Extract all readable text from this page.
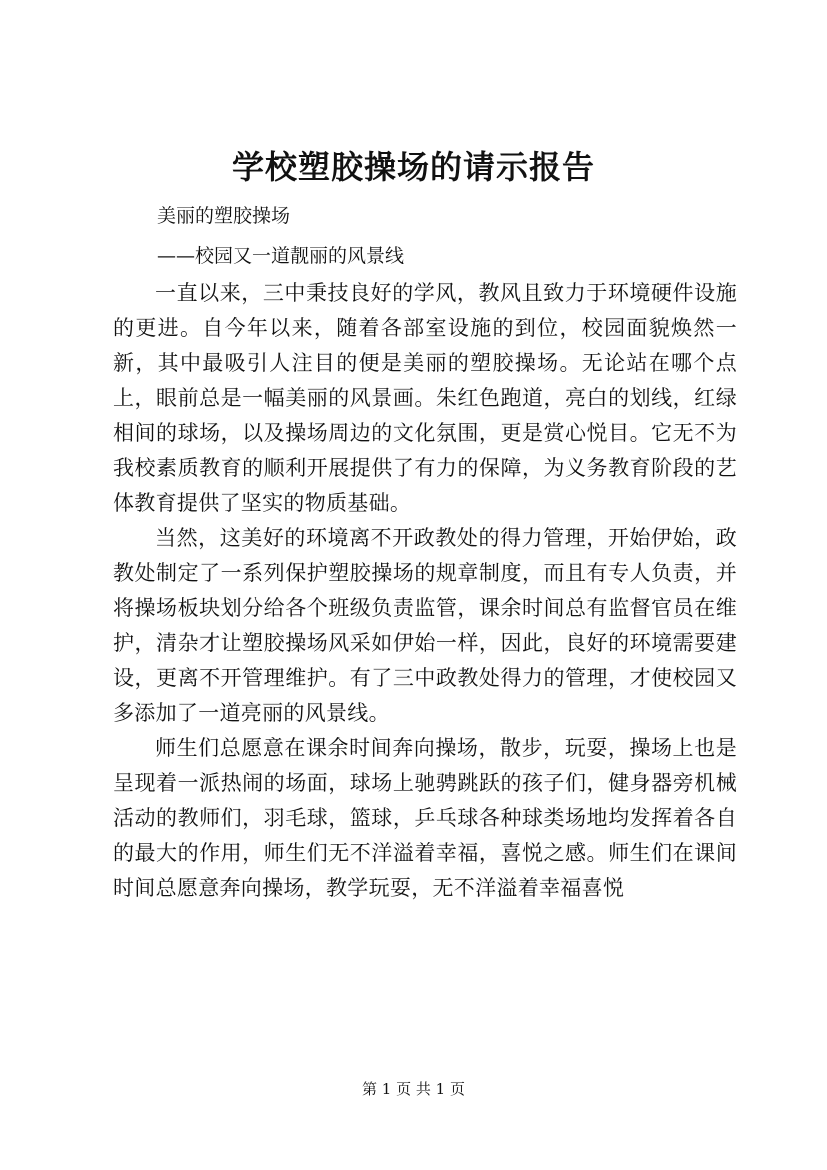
学校塑胶操场的请示报告

美丽的塑胶操场

——校园又一道靓丽的风景线

一直以来，三中秉技良好的学风，教风且致力于环境硬件设施的更进。自今年以来，随着各部室设施的到位，校园面貌焕然一新，其中最吸引人注目的便是美丽的塑胶操场。无论站在哪个点上，眼前总是一幅美丽的风景画。朱红色跑道，亮白的划线，红绿相间的球场，以及操场周边的文化氛围，更是赏心悦目。它无不为我校素质教育的顺利开展提供了有力的保障，为义务教育阶段的艺体教育提供了坚实的物质基础。

当然，这美好的环境离不开政教处的得力管理，开始伊始，政教处制定了一系列保护塑胶操场的规章制度，而且有专人负责，并将操场板块划分给各个班级负责监管，课余时间总有监督官员在维护，清杂才让塑胶操场风采如伊始一样，因此，良好的环境需要建设，更离不开管理维护。有了三中政教处得力的管理，才使校园又多添加了一道亮丽的风景线。

师生们总愿意在课余时间奔向操场，散步，玩耍，操场上也是呈现着一派热闹的场面，球场上驰骋跳跃的孩子们，健身器旁机械活动的教师们，羽毛球，篮球，乒乓球各种球类场地均发挥着各自的最大的作用，师生们无不洋溢着幸福，喜悦之感。师生们在课间时间总愿意奔向操场，教学玩耍，无不洋溢着幸福喜悦

第 1 页 共 1 页
